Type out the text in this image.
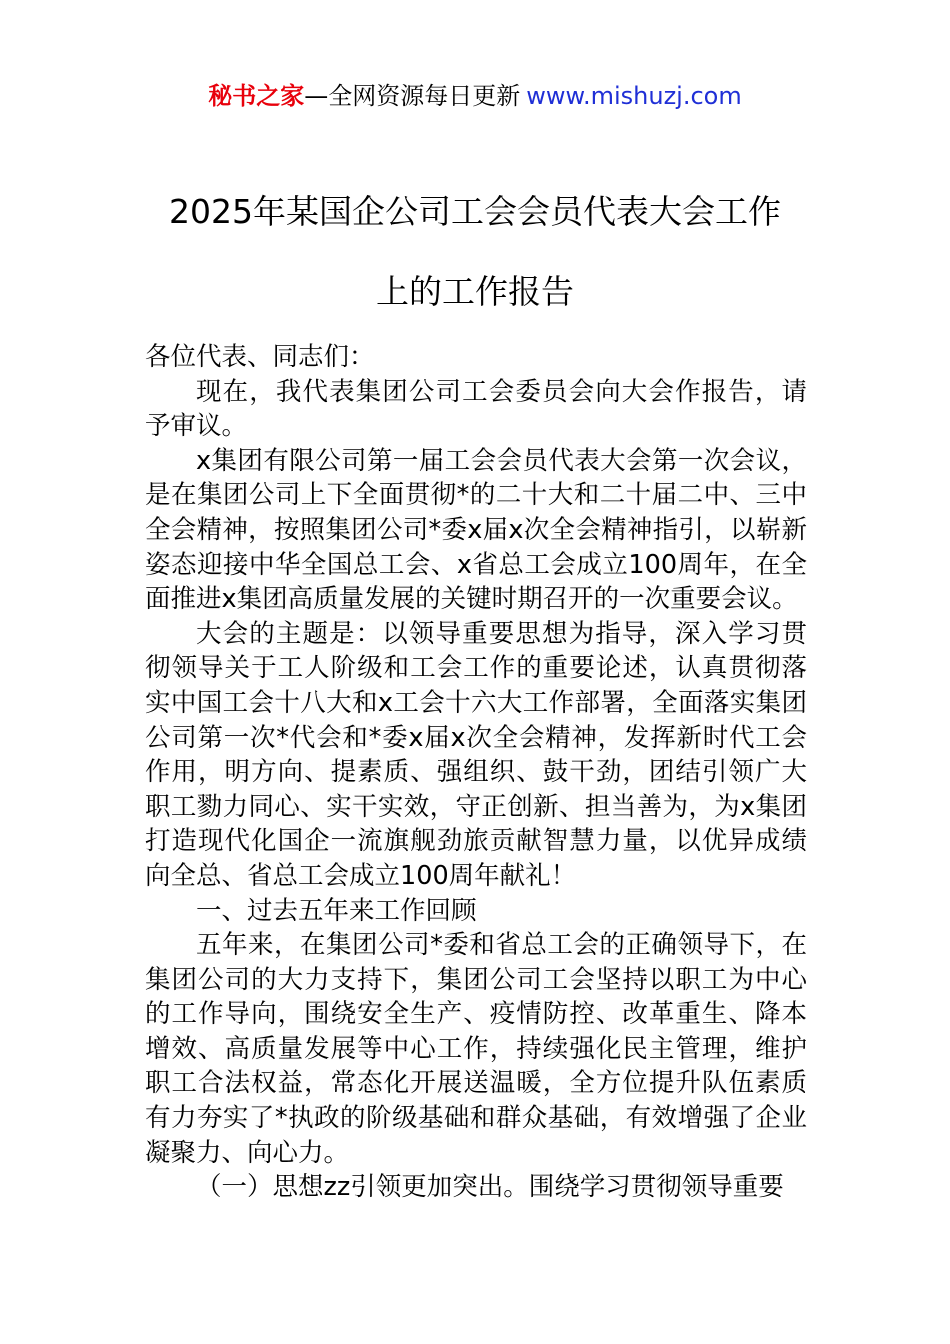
秘书之家—全网资源每日更新 www.mishuzj.com
2025年某国企公司工会会员代表大会工作
上的工作报告

各位代表、同志们：

现在，我代表集团公司工会委员会向大会作报告，请予审议。

x集团有限公司第一届工会会员代表大会第一次会议，是在集团公司上下全面贯彻*的二十大和二十届二中、三中全会精神，按照集团公司*委x届x次全会精神指引，以崭新姿态迎接中华全国总工会、x省总工会成立100周年，在全面推进x集团高质量发展的关键时期召开的一次重要会议。

大会的主题是：以领导重要思想为指导，深入学习贯彻领导关于工人阶级和工会工作的重要论述，认真贯彻落实中国工会十八大和x工会十六大工作部署，全面落实集团公司第一次*代会和*委x届x次全会精神，发挥新时代工会作用，明方向、提素质、强组织、鼓干劲，团结引领广大职工勠力同心、实干实效，守正创新、担当善为，为x集团打造现代化国企一流旗舰劲旅贡献智慧力量，以优异成绩向全总、省总工会成立100周年献礼！

一、过去五年来工作回顾

五年来，在集团公司*委和省总工会的正确领导下，在集团公司的大力支持下，集团公司工会坚持以职工为中心的工作导向，围绕安全生产、疫情防控、改革重生、降本增效、高质量发展等中心工作，持续强化民主管理，维护职工合法权益，常态化开展送温暖，全方位提升队伍素质有力夯实了*执政的阶级基础和群众基础，有效增强了企业凝聚力、向心力。

（一）思想zz引领更加突出。围绕学习贯彻领导重要
